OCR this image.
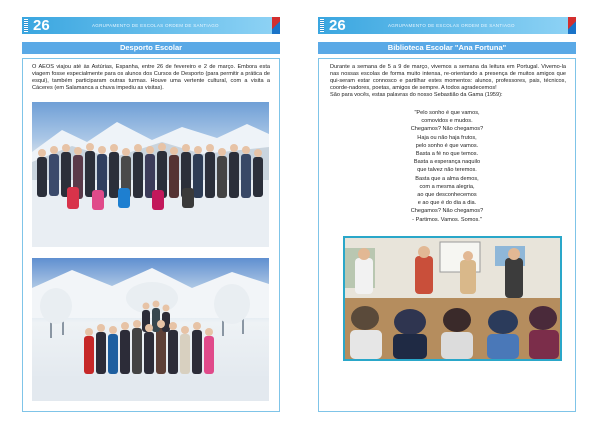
26	AGRUPAMENTO DE ESCOLAS ORDEM DE SANTIAGO
Desporto Escolar

O AEOS viajou até às Astúrias, Espanha, entre 26 de fevereiro e 2 de março. Embora esta viagem fosse especialmente para os alunos dos Cursos de Desporto (para permitir a prática de esqui), também participaram outras turmas. Houve uma vertente cultural, com a visita a Cáceres (em Salamanca a chuva impediu as visitas).

26	AGRUPAMENTO DE ESCOLAS ORDEM DE SANTIAGO
Biblioteca Escolar "Ana Fortuna"

Durante a semana de 5 a 9 de março, vivemos a semana da leitura em Portugal. Vivemo-la nas nossas escolas de forma muito intensa, re-orientando a presença de muitos amigos que qui-seram estar connosco e partilhar estes momentos: alunos, professores, pais, técnicos, coorde-nadores, poetas, amigos de sempre. A todos agradecemos!
São para vocês, estas palavras do nosso Sebastião da Gama (1959):

"Pelo sonho é que vamos,
comovidos e mudos.
Chegamos? Não chegamos?
Haja ou não haja frutos,
pelo sonho é que vamos.
Basta a fé no que temos.
Basta a esperança naquilo
que talvez não teremos.
Basta que a alma demos,
com a mesma alegria,
ao que desconhecemos
e ao que é do dia a dia.
Chegamos? Não chegamos?
- Partimos. Vamos. Somos."
